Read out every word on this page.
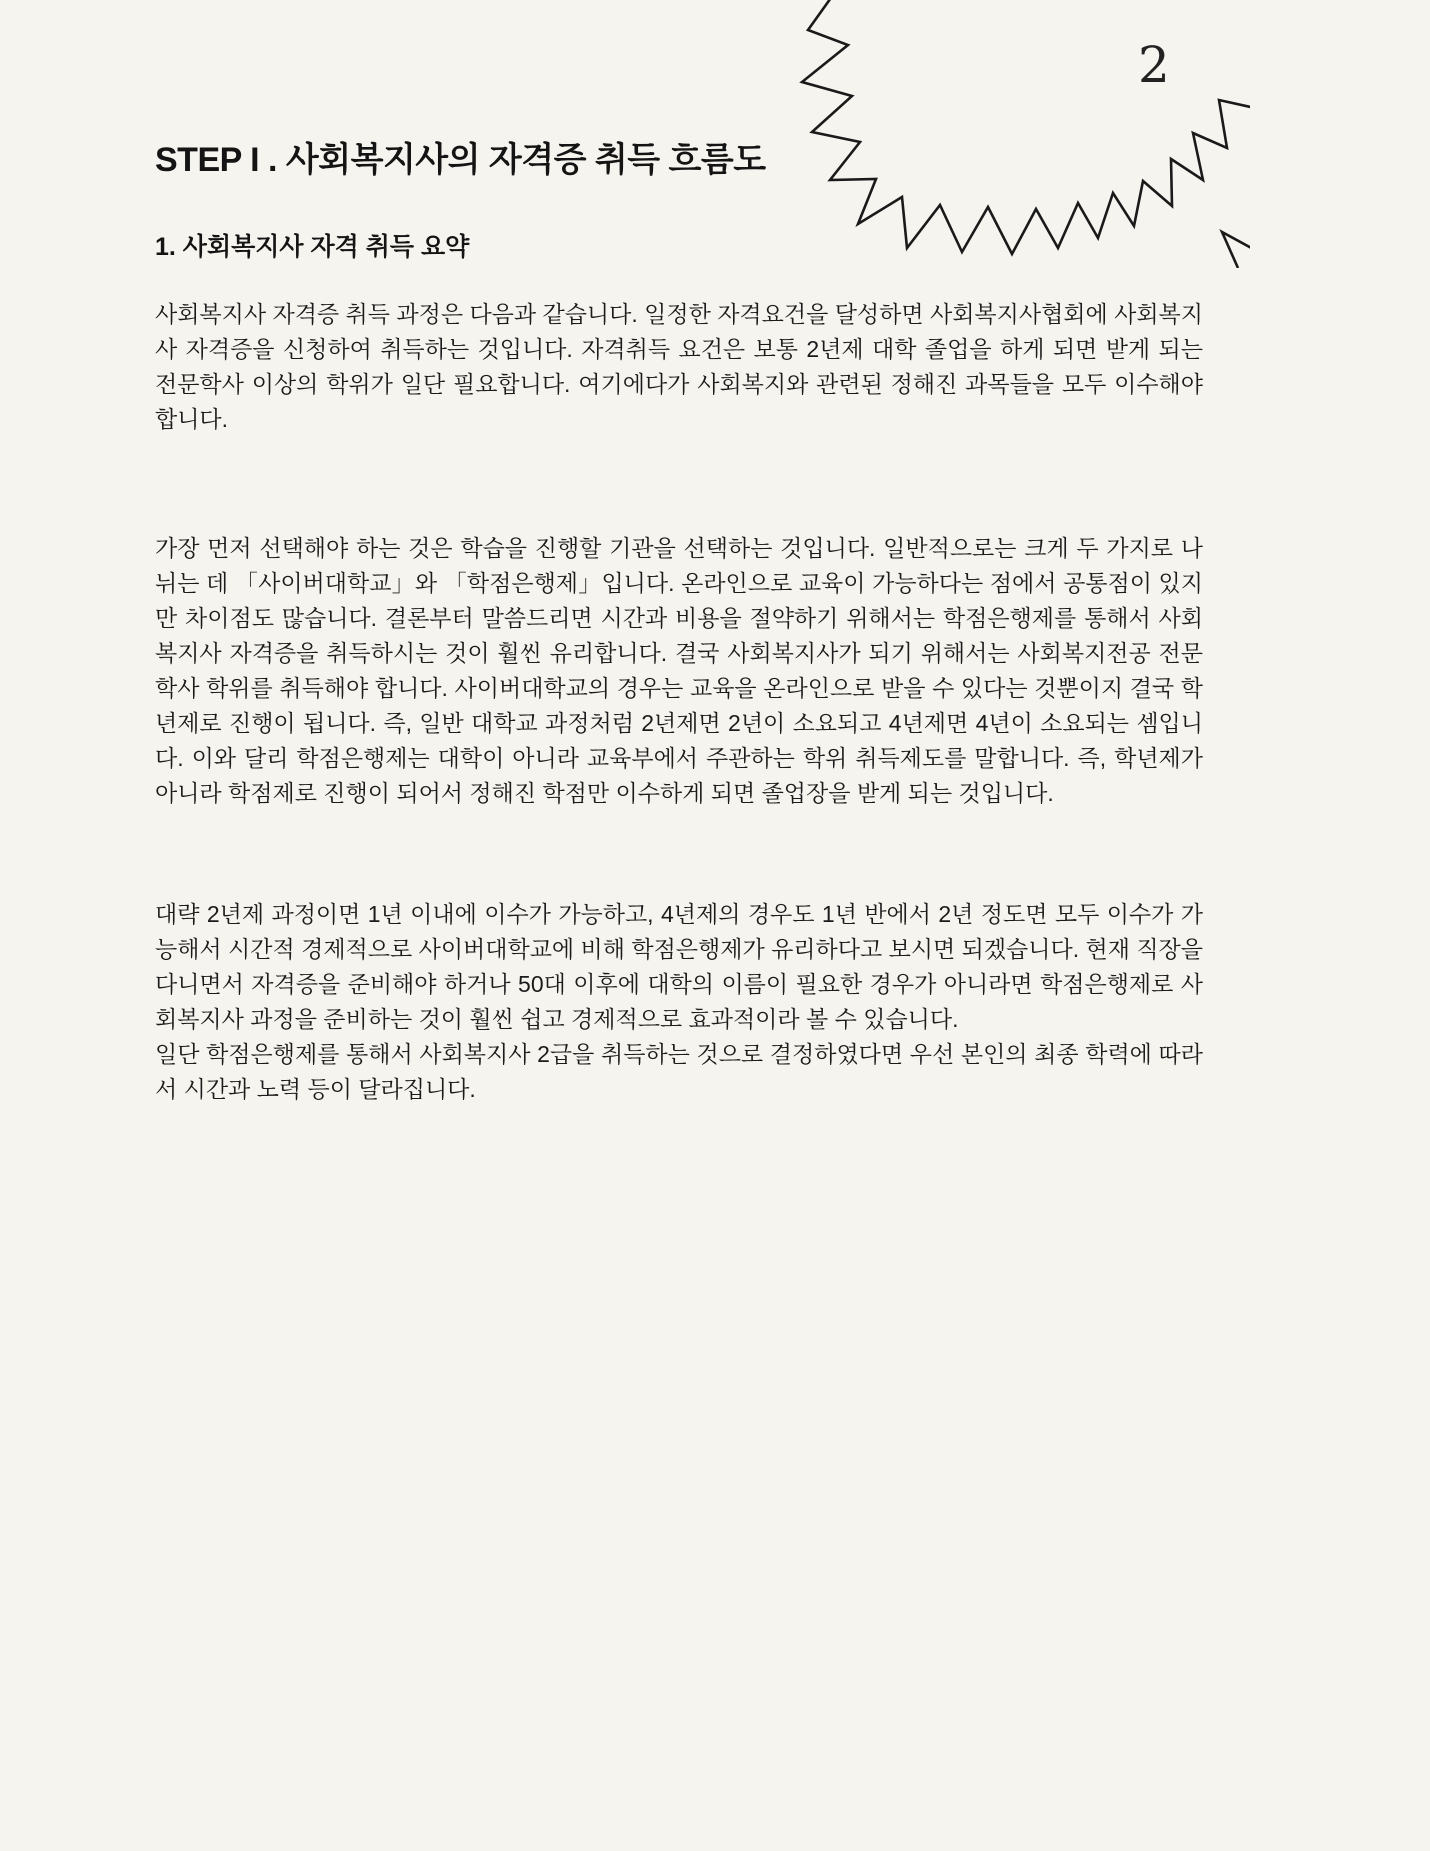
2
STEP I . 사회복지사의 자격증 취득 흐름도
1. 사회복지사 자격 취득 요약

사회복지사 자격증 취득 과정은 다음과 같습니다. 일정한 자격요건을 달성하면 사회복지사협회에 사회복지사 자격증을 신청하여 취득하는 것입니다. 자격취득 요건은 보통 2년제 대학 졸업을 하게 되면 받게 되는 전문학사 이상의 학위가 일단 필요합니다. 여기에다가 사회복지와 관련된 정해진 과목들을 모두 이수해야 합니다.

가장 먼저 선택해야 하는 것은 학습을 진행할 기관을 선택하는 것입니다. 일반적으로는 크게 두 가지로 나뉘는 데 「사이버대학교」와 「학점은행제」입니다. 온라인으로 교육이 가능하다는 점에서 공통점이 있지만 차이점도 많습니다. 결론부터 말씀드리면 시간과 비용을 절약하기 위해서는 학점은행제를 통해서 사회복지사 자격증을 취득하시는 것이 훨씬 유리합니다. 결국 사회복지사가 되기 위해서는 사회복지전공 전문학사 학위를 취득해야 합니다. 사이버대학교의 경우는 교육을 온라인으로 받을 수 있다는 것뿐이지 결국 학년제로 진행이 됩니다. 즉, 일반 대학교 과정처럼 2년제면 2년이 소요되고 4년제면 4년이 소요되는 셈입니다. 이와 달리 학점은행제는 대학이 아니라 교육부에서 주관하는 학위 취득제도를 말합니다. 즉, 학년제가 아니라 학점제로 진행이 되어서 정해진 학점만 이수하게 되면 졸업장을 받게 되는 것입니다.

대략 2년제 과정이면 1년 이내에 이수가 가능하고, 4년제의 경우도 1년 반에서 2년 정도면 모두 이수가 가능해서 시간적 경제적으로 사이버대학교에 비해 학점은행제가 유리하다고 보시면 되겠습니다. 현재 직장을 다니면서 자격증을 준비해야 하거나 50대 이후에 대학의 이름이 필요한 경우가 아니라면 학점은행제로 사회복지사 과정을 준비하는 것이 훨씬 쉽고 경제적으로 효과적이라 볼 수 있습니다.

일단 학점은행제를 통해서 사회복지사 2급을 취득하는 것으로 결정하였다면 우선 본인의 최종 학력에 따라서 시간과 노력 등이 달라집니다.
